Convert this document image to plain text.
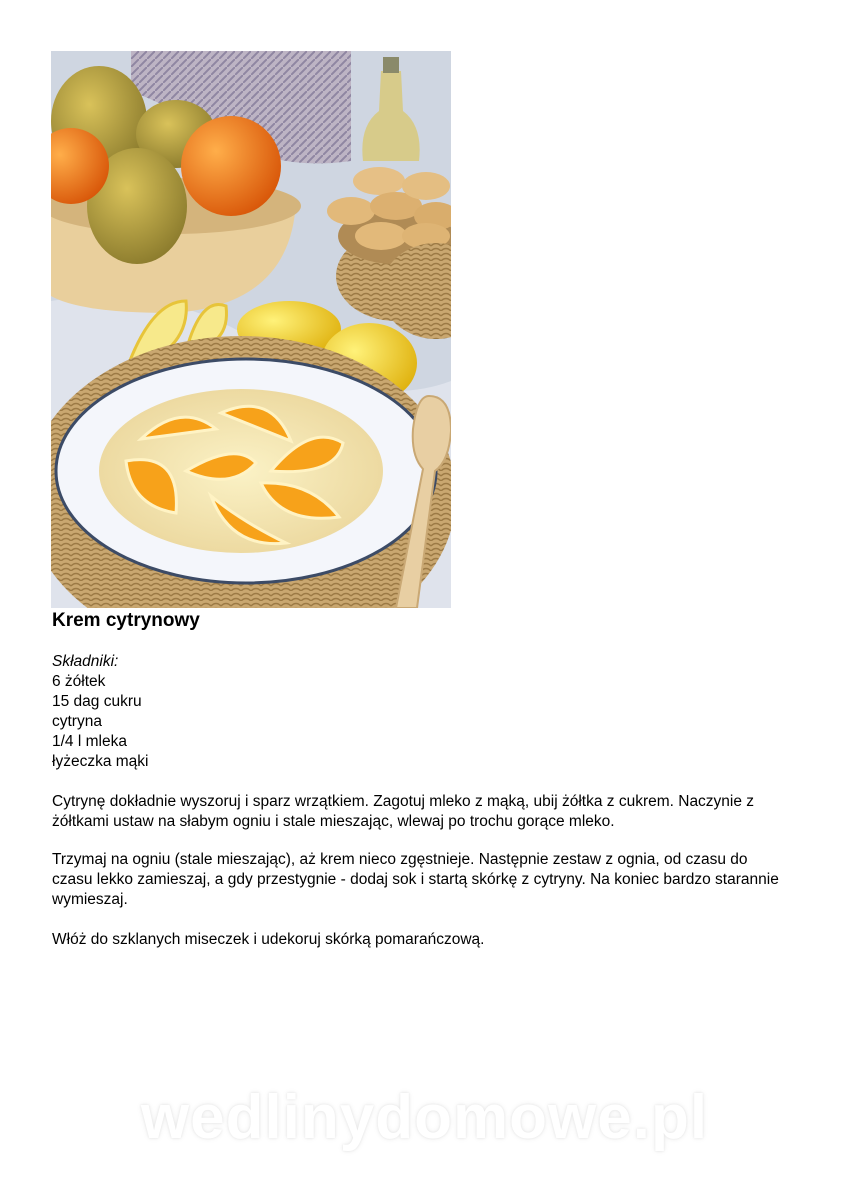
Krem cytrynowy
Składniki:
6 żółtek
15 dag cukru
cytryna
1/4 l mleka
łyżeczka mąki

Cytrynę dokładnie wyszoruj i sparz wrzątkiem. Zagotuj mleko z mąką, ubij żółtka z cukrem. Naczynie z żółtkami ustaw na słabym ogniu i stale mieszając, wlewaj po trochu gorące mleko.

Trzymaj na ogniu (stale mieszając), aż krem nieco zgęstnieje. Następnie zestaw z ognia, od czasu do czasu lekko zamieszaj, a gdy przestygnie - dodaj sok i startą skórkę z cytryny. Na koniec bardzo starannie wymieszaj.

Włóż do szklanych miseczek i udekoruj skórką pomarańczową.

wedlinydomowe.pl
